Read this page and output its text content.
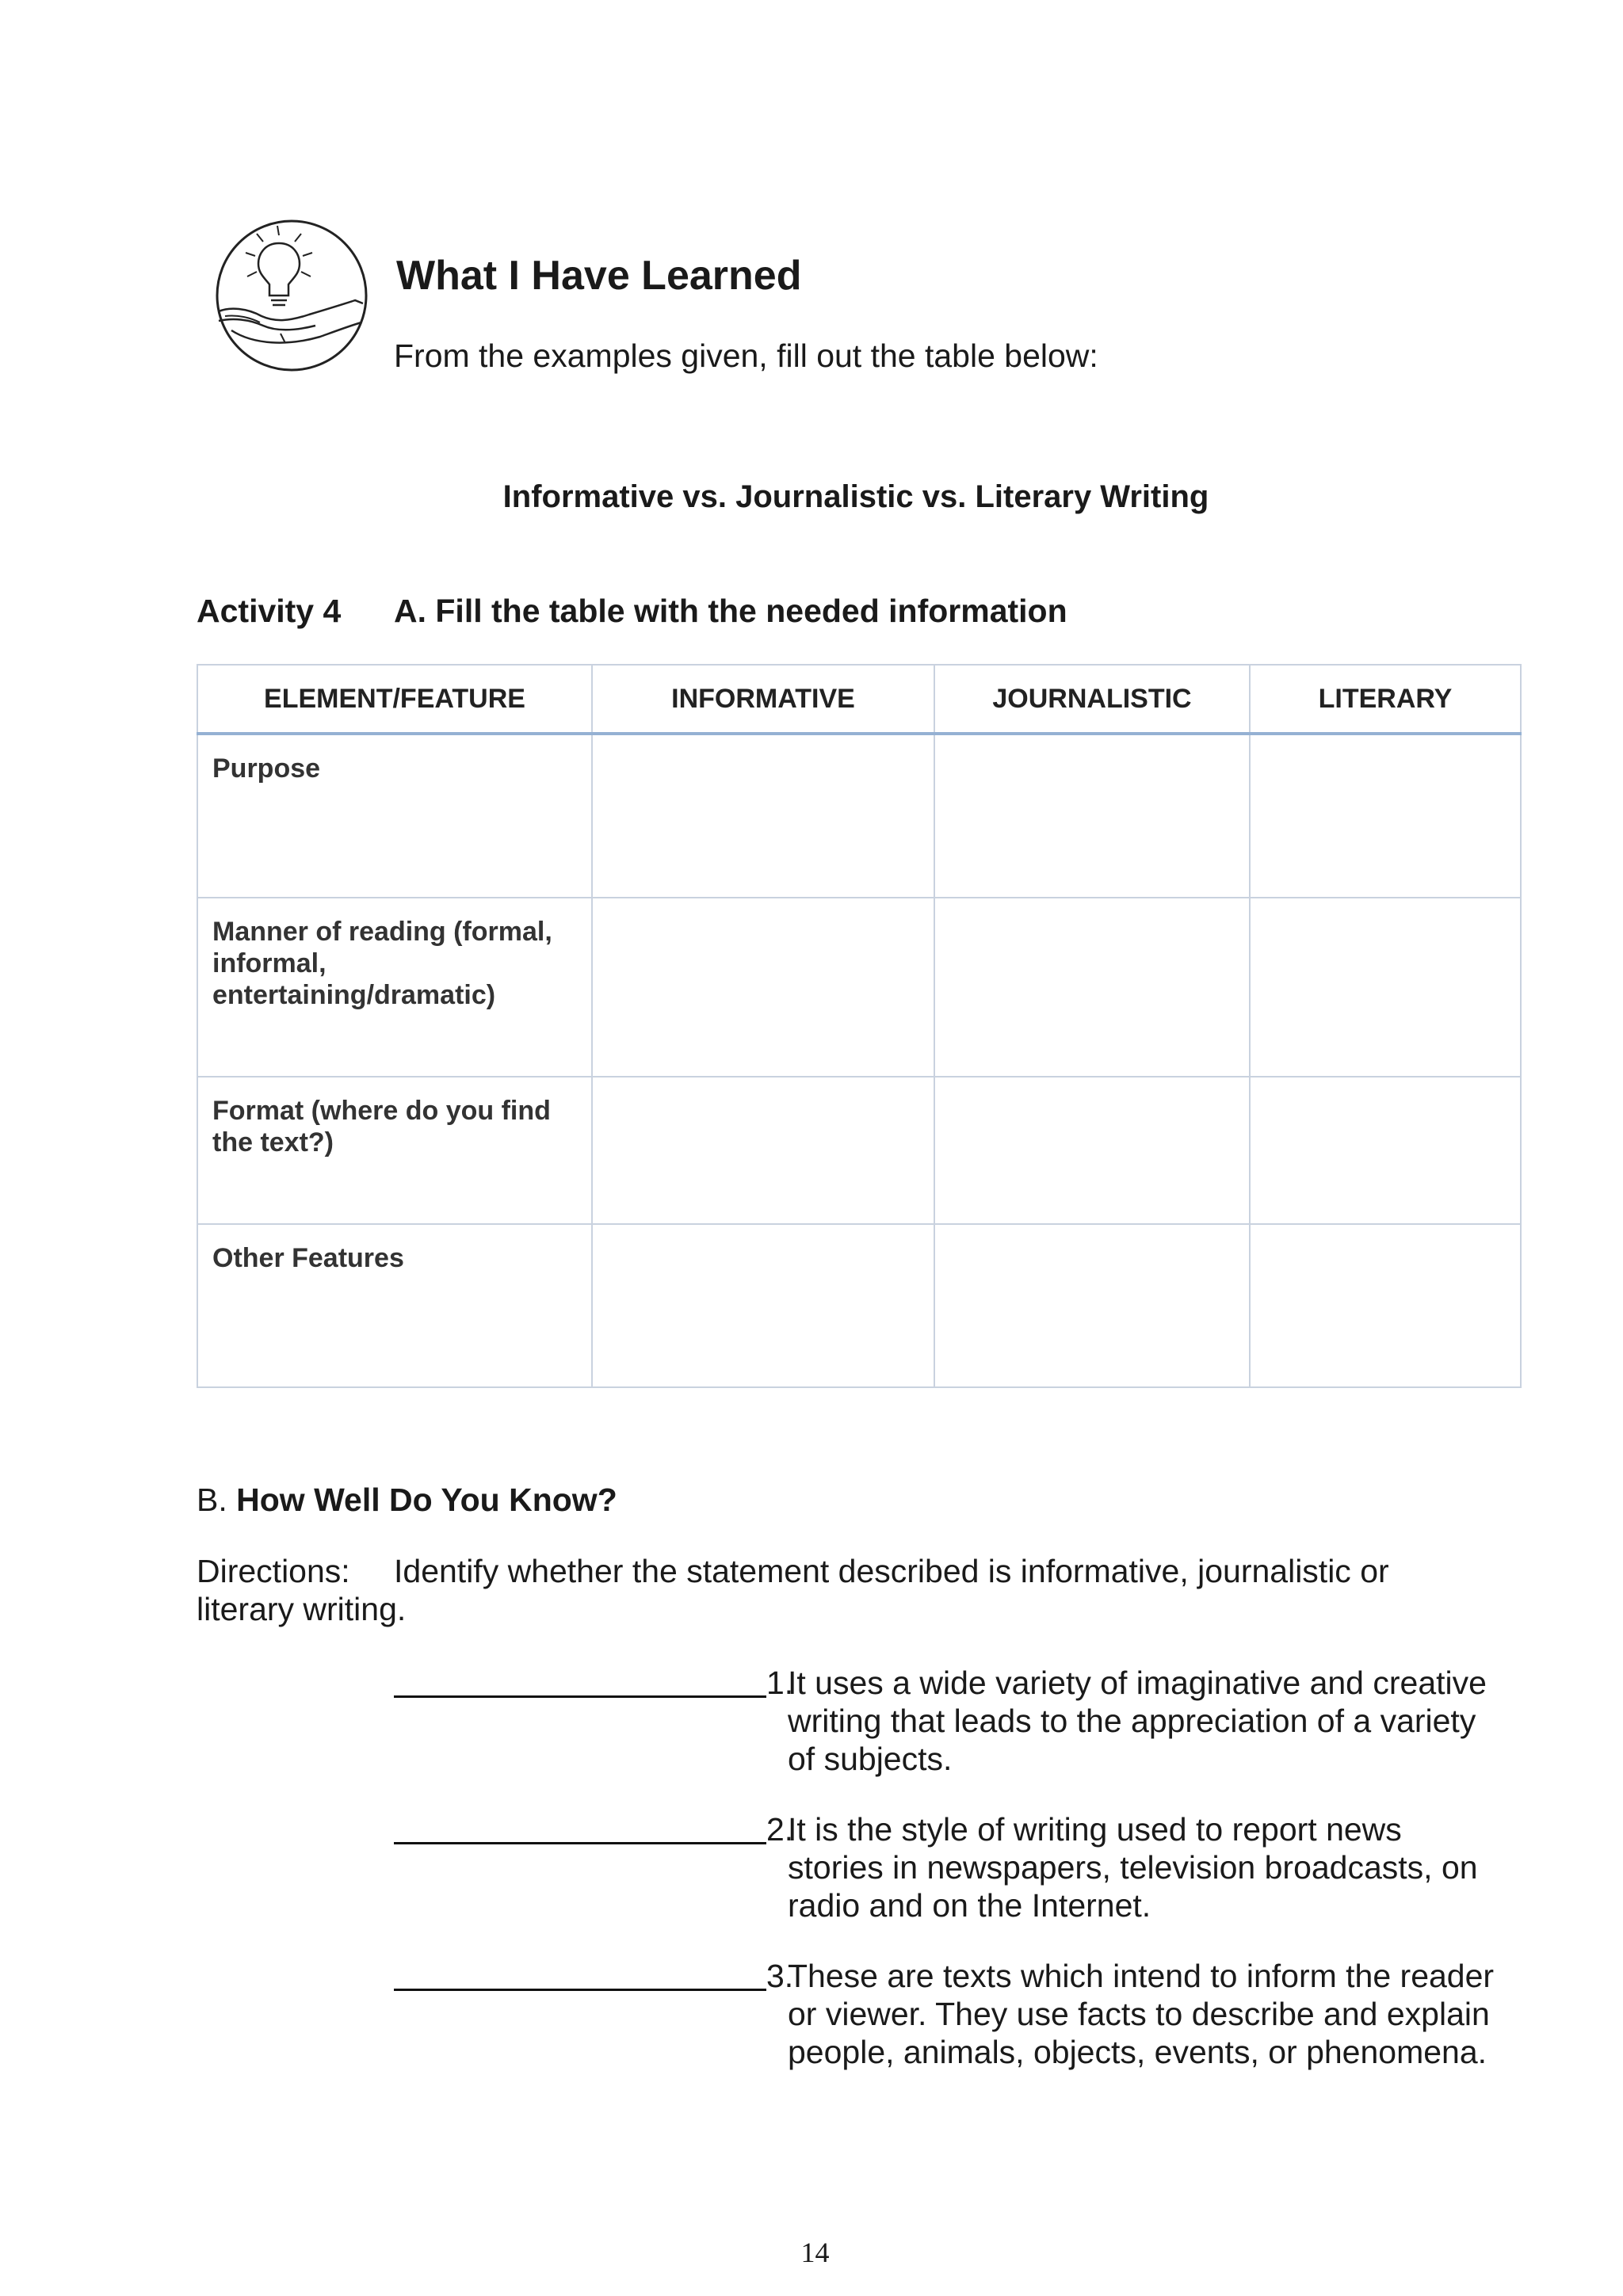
What I Have Learned
From the examples given, fill out the table below:
Informative vs. Journalistic vs. Literary Writing
Activity 4 A. Fill the table with the needed information
ELEMENT/FEATURE	INFORMATIVE	JOURNALISTIC	LITERARY
Purpose			
Manner of reading (formal, informal, entertaining/dramatic)			
Format (where do you find the text?)			
Other Features			
B. How Well Do You Know?
Directions: Identify whether the statement described is informative, journalistic or
literary writing.
1.
It uses a wide variety of imaginative and creative writing that leads to the appreciation of a variety of subjects.
2.
It is the style of writing used to report news stories in newspapers, television broadcasts, on radio and on the Internet.
3.
These are texts which intend to inform the reader or viewer. They use facts to describe and explain people, animals, objects, events, or phenomena.
14
